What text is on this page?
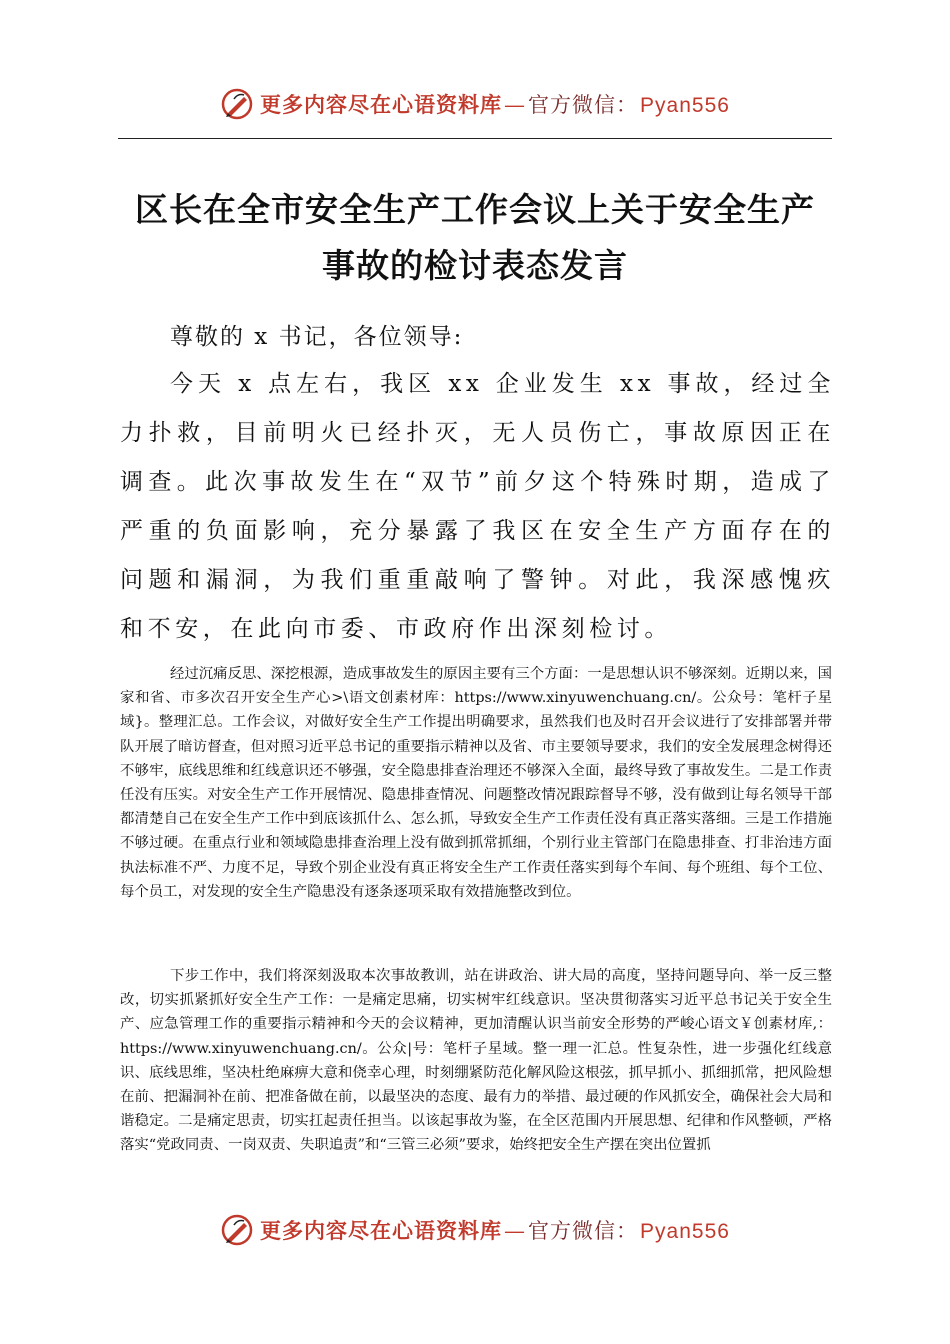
更多内容尽在心语资料库 — 官方微信： Pyan556
区长在全市安全生产工作会议上关于安全生产
事故的检讨表态发言
尊敬的 x 书记，各位领导:

今天 x 点左右，我区 xx 企业发生 xx 事故，经过全力扑救，目前明火已经扑灭，无人员伤亡，事故原因正在调查。此次事故发生在“双节”前夕这个特殊时期，造成了严重的负面影响，充分暴露了我区在安全生产方面存在的问题和漏洞，为我们重重敲响了警钟。对此，我深感愧疚和不安，在此向市委、市政府作出深刻检讨。

经过沉痛反思、深挖根源，造成事故发生的原因主要有三个方面：一是思想认识不够深刻。近期以来，国家和省、市多次召开安全生产心>\语文创素材库：https://www.xinyuwenchuang.cn/。公众号：笔杆子星域}。整理汇总。工作会议，对做好安全生产工作提出明确要求，虽然我们也及时召开会议进行了安排部署并带队开展了暗访督查，但对照习近平总书记的重要指示精神以及省、市主要领导要求，我们的安全发展理念树得还不够牢，底线思维和红线意识还不够强，安全隐患排查治理还不够深入全面，最终导致了事故发生。二是工作责任没有压实。对安全生产工作开展情况、隐患排查情况、问题整改情况跟踪督导不够，没有做到让每名领导干部都清楚自己在安全生产工作中到底该抓什么、怎么抓，导致安全生产工作责任没有真正落实落细。三是工作措施不够过硬。在重点行业和领域隐患排查治理上没有做到抓常抓细，个别行业主管部门在隐患排查、打非治违方面执法标准不严、力度不足，导致个别企业没有真正将安全生产工作责任落实到每个车间、每个班组、每个工位、每个员工，对发现的安全生产隐患没有逐条逐项采取有效措施整改到位。

下步工作中，我们将深刻汲取本次事故教训，站在讲政治、讲大局的高度，坚持问题导向、举一反三整改，切实抓紧抓好安全生产工作：一是痛定思痛，切实树牢红线意识。坚决贯彻落实习近平总书记关于安全生产、应急管理工作的重要指示精神和今天的会议精神，更加清醒认识当前安全形势的严峻心语文￥创素材库,：https://www.xinyuwenchuang.cn/。公众|号：笔杆子星域。整一理一汇总。性复杂性，进一步强化红线意识、底线思维，坚决杜绝麻痹大意和侥幸心理，时刻绷紧防范化解风险这根弦，抓早抓小、抓细抓常，把风险想在前、把漏洞补在前、把准备做在前，以最坚决的态度、最有力的举措、最过硬的作风抓安全，确保社会大局和谐稳定。二是痛定思责，切实扛起责任担当。以该起事故为鉴，在全区范围内开展思想、纪律和作风整顿，严格落实“党政同责、一岗双责、失职追责”和“三管三必须”要求，始终把安全生产摆在突出位置抓

更多内容尽在心语资料库 — 官方微信： Pyan556
